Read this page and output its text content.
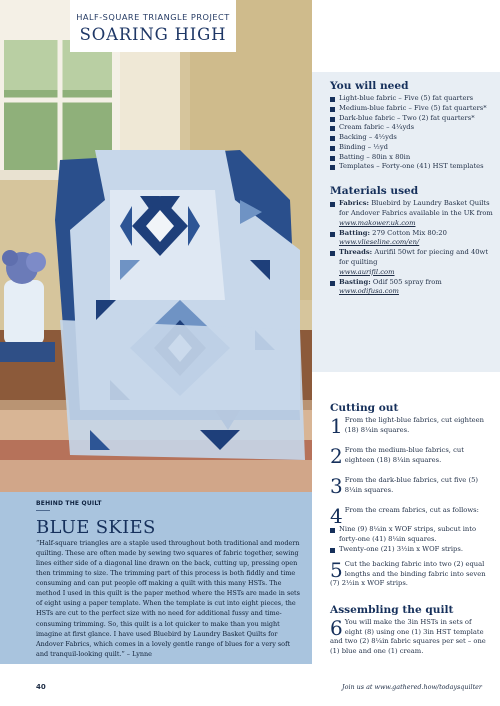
HALF-SQUARE TRIANGLE PROJECT
SOARING HIGH
BEHIND THE QUILT
BLUE SKIES

“Half-square triangles are a staple used throughout both traditional and modern quilting. These are often made by sewing two squares of fabric together, sewing lines either side of a diagonal line drawn on the back, cutting up, pressing open then trimming to size. The trimming part of this process is both fiddly and time consuming and can put people off making a quilt with this many HSTs. The method I used in this quilt is the paper method where the HSTs are made in sets of eight using a paper template. When the template is cut into eight pieces, the HSTs are cut to the perfect size with no need for additional fussy and time-consuming trimming. So, this quilt is a lot quicker to make than you might imagine at first glance. I have used Bluebird by Laundry Basket Quilts for Andover Fabrics, which comes in a lovely gentle range of blues for a very soft and tranquil-looking quilt.” – Lynne

You will need
Light-blue fabric – Five (5) fat quarters
Medium-blue fabric – Five (5) fat quarters*
Dark-blue fabric – Two (2) fat quarters*
Cream fabric – 4¼yds
Backing – 4½yds
Binding – ½yd
Batting – 80in x 80in
Templates – Forty-one (41) HST templates
Materials used
Fabrics: Bluebird by Laundry Basket Quilts for Andover Fabrics available in the UK from
www.makower.uk.com
Batting: 279 Cotton Mix 80:20
www.vlieseline.com/en/
Threads: Aurifil 50wt for piecing and 40wt for quilting
www.aurifil.com
Basting: Odif 505 spray from
www.odifusa.com
Cutting out
1 From the light-blue fabrics, cut eighteen (18) 8¼in squares.
2 From the medium-blue fabrics, cut eighteen (18) 8¼in squares.
3 From the dark-blue fabrics, cut five (5) 8¼in squares.
4 From the cream fabrics, cut as follows:
Nine (9) 8¼in x WOF strips, subcut into forty-one (41) 8¼in squares.
Twenty-one (21) 3½in x WOF strips.
5 Cut the backing fabric into two (2) equal lengths and the binding fabric into seven (7) 2½in x WOF strips.
Assembling the quilt
6 You will make the 3in HSTs in sets of eight (8) using one (1) 3in HST template and two (2) 8¼in fabric squares per set – one (1) blue and one (1) cream.
40	Join us at www.gathered.how/todaysquilter
